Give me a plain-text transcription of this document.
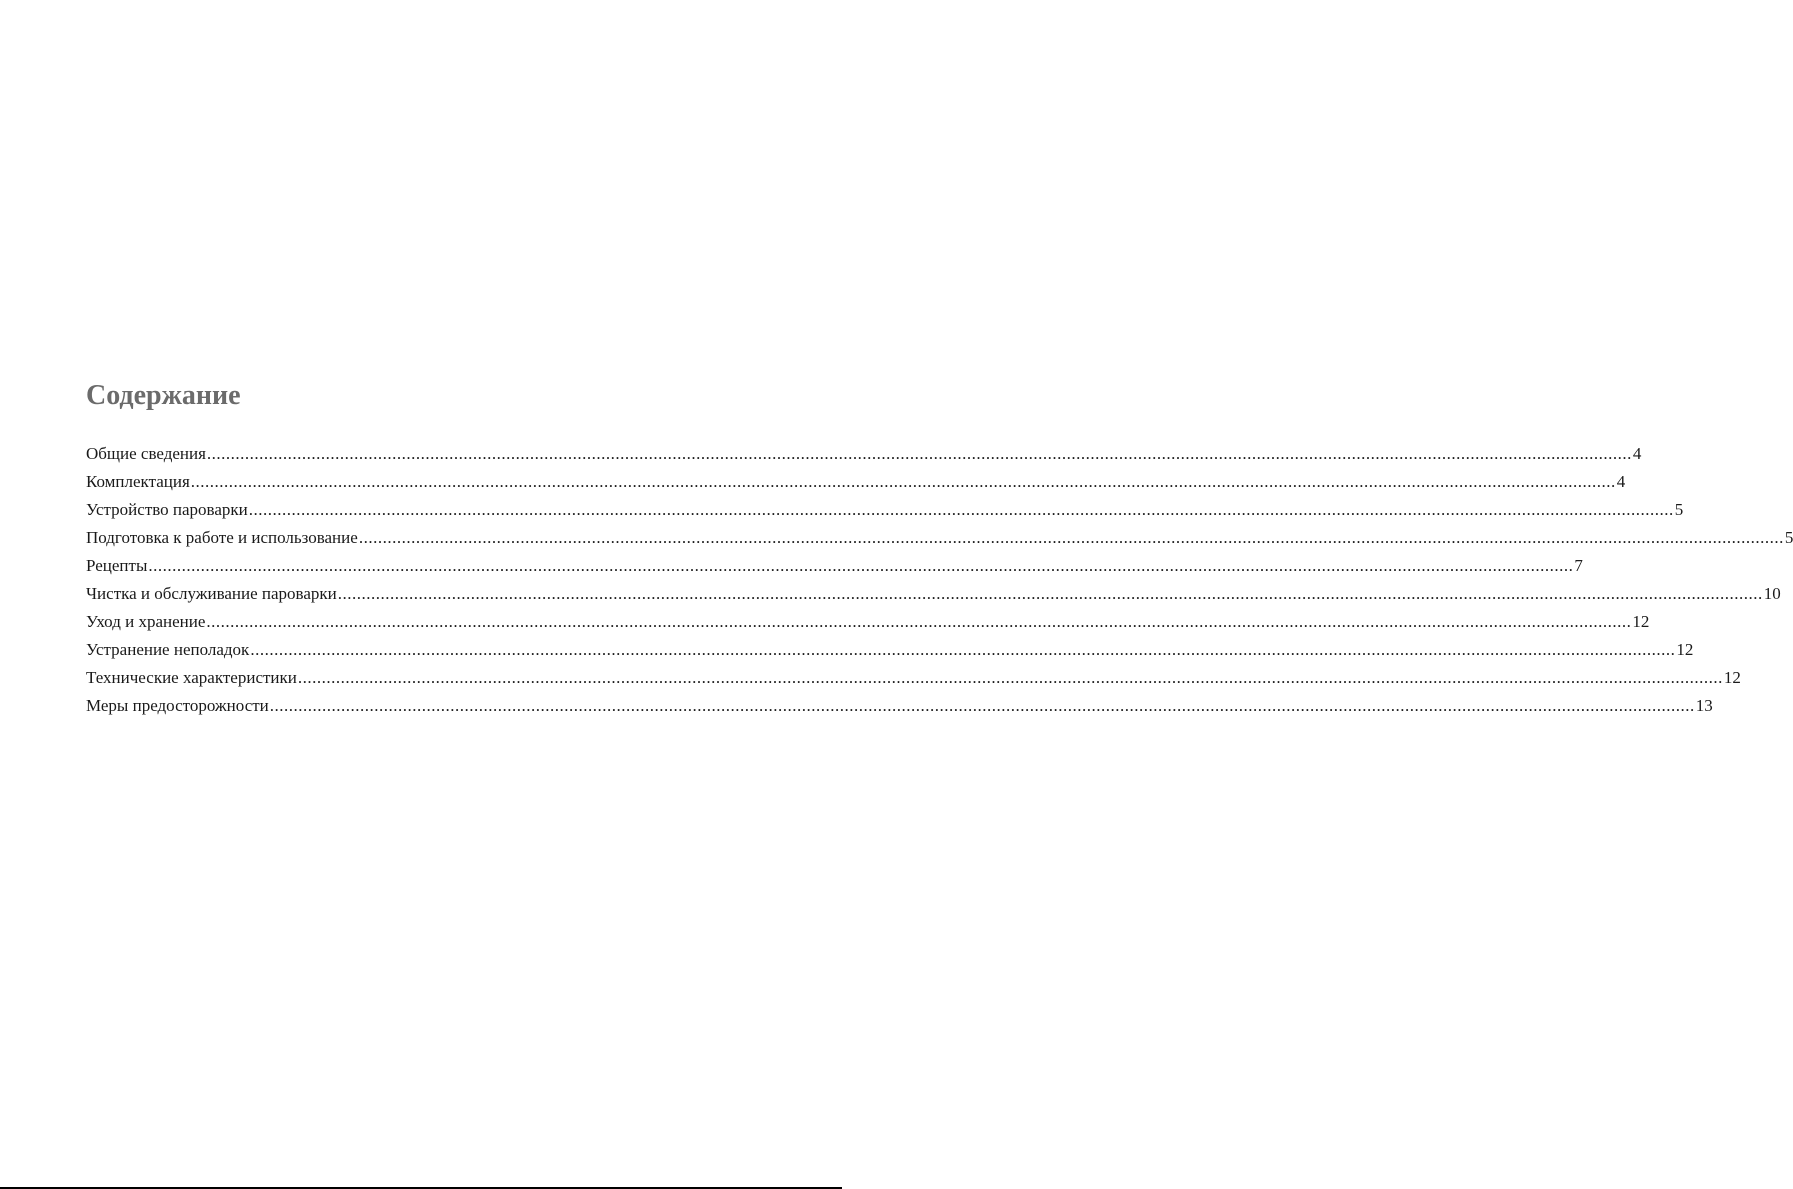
Содержание
Общие сведения ............................................................................................................................................................................................................................................................................................................ 4
Комплектация ............................................................................................................................................................................................................................................................................................................ 4
Устройство пароварки ............................................................................................................................................................................................................................................................................................................ 5
Подготовка к работе и использование ............................................................................................................................................................................................................................................................................................................ 5
Рецепты ............................................................................................................................................................................................................................................................................................................ 7
Чистка и обслуживание пароварки ............................................................................................................................................................................................................................................................................................................ 10
Уход и хранение ............................................................................................................................................................................................................................................................................................................ 12
Устранение неполадок ............................................................................................................................................................................................................................................................................................................ 12
Технические характеристики ............................................................................................................................................................................................................................................................................................................ 12
Меры предосторожности ............................................................................................................................................................................................................................................................................................................ 13
